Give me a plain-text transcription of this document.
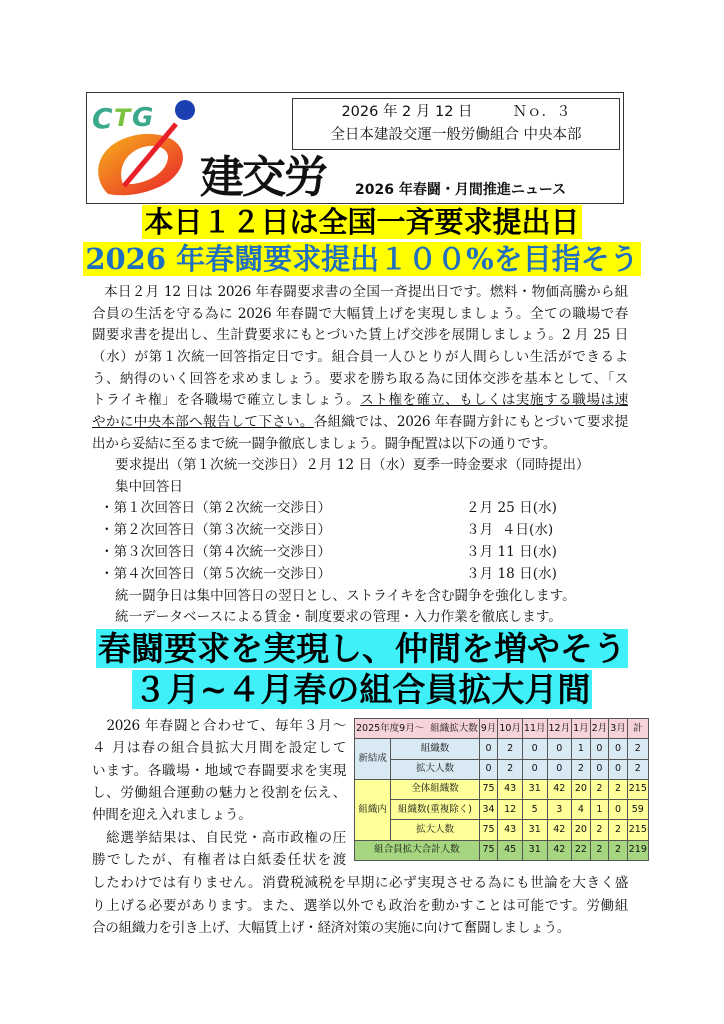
C T G	2026 年 2 月 12 日	Ｎｏ．３
全日本建設交運一般労働組合 中央本部
建交労 2026 年春闘・月間推進ニュース
本日１２日は全国一斉要求提出日
2026 年春闘要求提出１００%を目指そう
本日２月 12 日は 2026 年春闘要求書の全国一斉提出日です。燃料・物価高騰から組
合員の生活を守る為に 2026 年春闘で大幅賃上げを実現しましょう。全ての職場で春
闘要求書を提出し、生計費要求にもとづいた賃上げ交渉を展開しましょう。2 月 25 日
（水）が第１次統一回答指定日です。組合員一人ひとりが人間らしい生活ができるよ
う、納得のいく回答を求めましょう。要求を勝ち取る為に団体交渉を基本として、「ス
トライキ権」を各職場で確立しましょう。スト権を確立、もしくは実施する職場は速
やかに中央本部へ報告して下さい。各組織では、2026 年春闘方針にもとづいて要求提
出から妥結に至るまで統一闘争徹底しましょう。闘争配置は以下の通りです。
要求提出（第１次統一交渉日）２月 12 日（水）夏季一時金要求（同時提出）
集中回答日
・第１次回答日（第２次統一交渉日）	２月 25 日(水)
・第２次回答日（第３次統一交渉日）	３月  ４日(水)
・第３次回答日（第４次統一交渉日）	３月 11 日(水)
・第４次回答日（第５次統一交渉日）	３月 18 日(水)
統一闘争日は集中回答日の翌日とし、ストライキを含む闘争を強化します。
統一データベースによる賃金・制度要求の管理・入力作業を徹底します。
春闘要求を実現し、仲間を増やそう
３月~４月春の組合員拡大月間
　2026 年春闘と合わせて、毎年３月～
４ 月は春の組合員拡大月間を設定して
います。各職場・地域で春闘要求を実現
し、労働組合運動の魅力と役割を伝え、
仲間を迎え入れましょう。
　総選挙結果は、自民党・高市政権の圧
勝でしたが、有権者は白紙委任状を渡
したわけでは有りません。消費税減税を早期に必ず実現させる為にも世論を大きく盛
り上げる必要があります。また、選挙以外でも政治を動かすことは可能です。労働組
合の組織力を引き上げ、大幅賃上げ・経済対策の実施に向けて奮闘しましょう。
2025年度9月～  組織拡大数		9月	10月	11月	12月	1月	2月	3月	計
新結成	組織数	0	2	0	0	1	0	0	2
	拡大人数	0	2	0	0	2	0	0	2
組織内	全体組織数	75	43	31	42	20	2	2	215
	組織数(重複除く)	34	12	5	3	4	1	0	59
	拡大人数	75	43	31	42	20	2	2	215
組合員拡大合計人数		75	45	31	42	22	2	2	219
